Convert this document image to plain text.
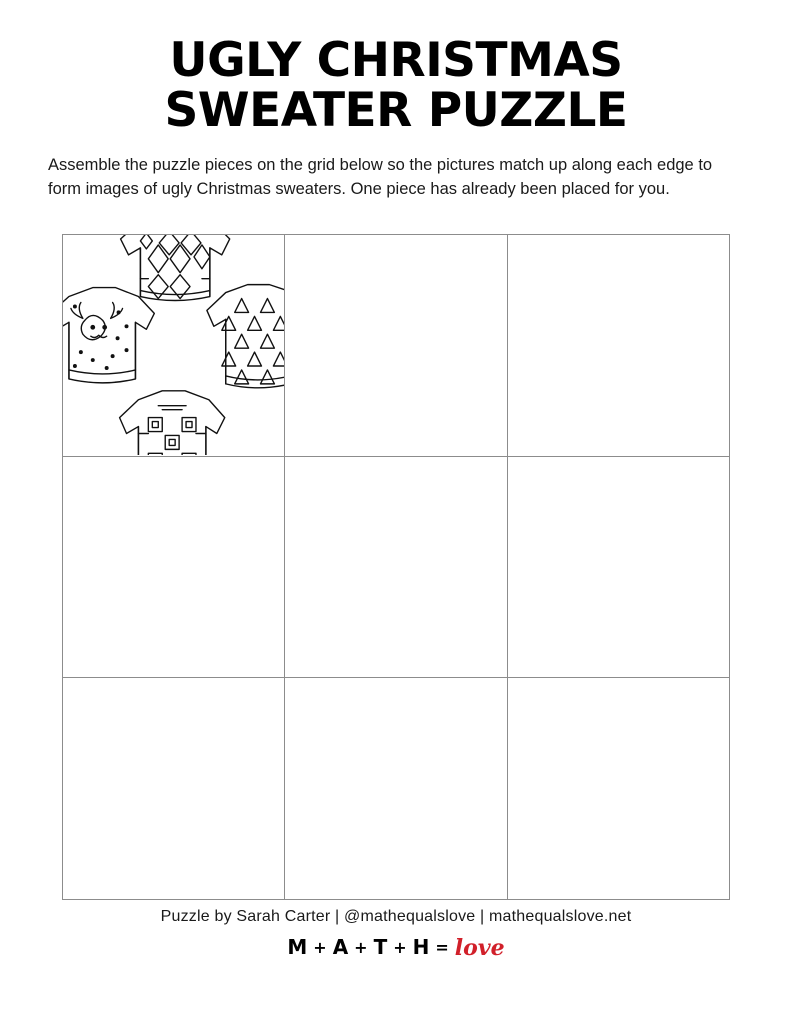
UGLY CHRISTMAS
SWEATER PUZZLE

Assemble the puzzle pieces on the grid below so the pictures match up along each edge to form images of ugly Christmas sweaters. One piece has already been placed for you.

Puzzle by Sarah Carter | @mathequalslove | mathequalslove.net
M + A + T + H = love
